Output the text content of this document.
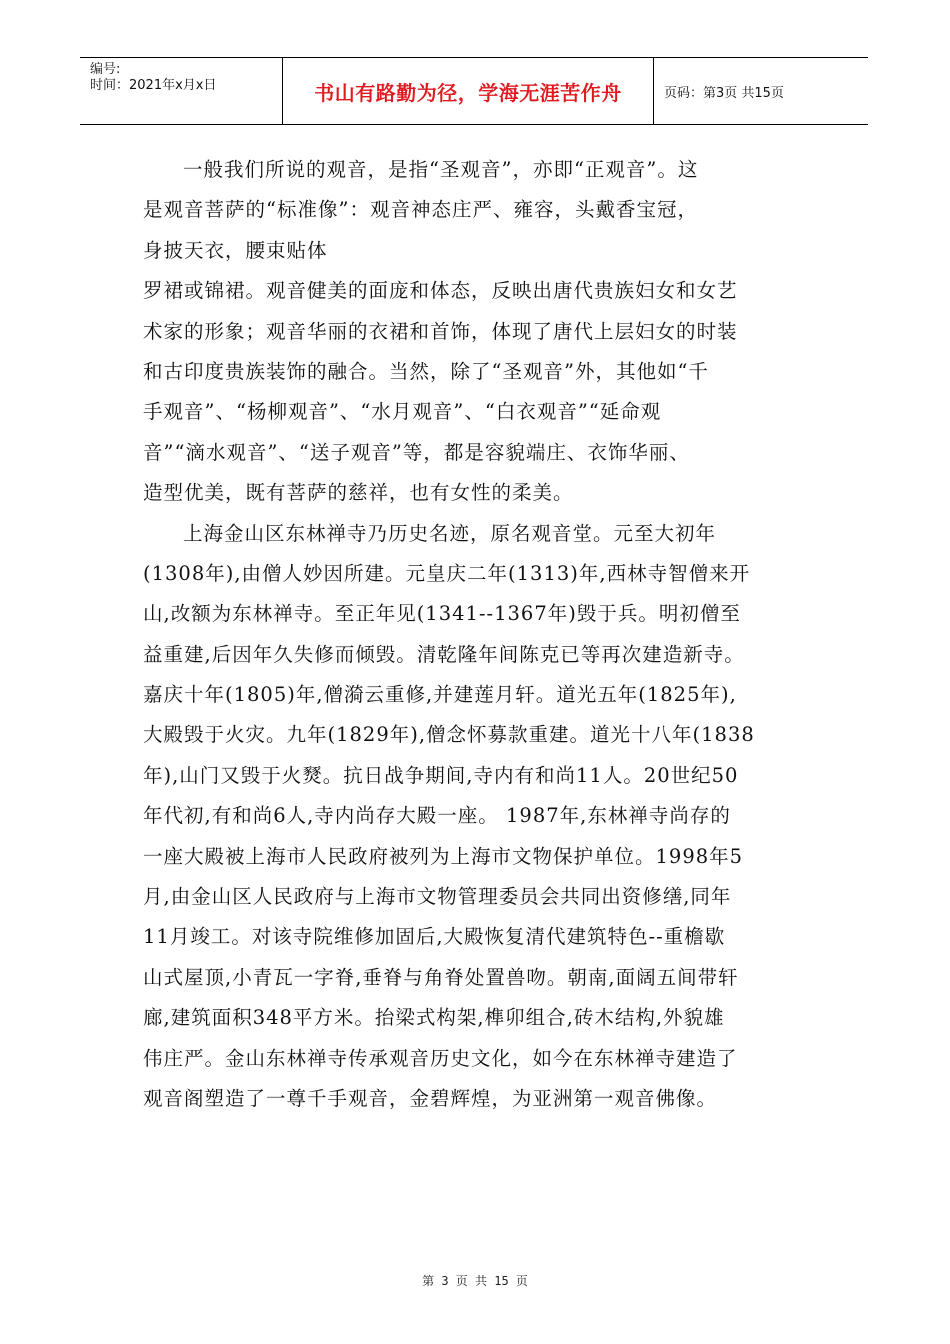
编号:
时间：2021年x月x日	书山有路勤为径，学海无涯苦作舟	页码：第3页 共15页
一般我们所说的观音，是指“圣观音”，亦即“正观音”。这
是观音菩萨的“标准像”：观音神态庄严、雍容，头戴香宝冠，
身披天衣，腰束贴体
罗裙或锦裙。观音健美的面庞和体态，反映出唐代贵族妇女和女艺
术家的形象；观音华丽的衣裙和首饰，体现了唐代上层妇女的时装
和古印度贵族装饰的融合。当然，除了“圣观音”外，其他如“千
手观音”、“杨柳观音”、“水月观音”、“白衣观音”“延命观
音”“滴水观音”、“送子观音”等，都是容貌端庄、衣饰华丽、
造型优美，既有菩萨的慈祥，也有女性的柔美。
上海金山区东林禅寺乃历史名迹，原名观音堂。元至大初年
(1308年),由僧人妙因所建。元皇庆二年(1313)年,西林寺智僧来开
山,改额为东林禅寺。至正年见(1341--1367年)毁于兵。明初僧至
益重建,后因年久失修而倾毁。清乾隆年间陈克已等再次建造新寺。
嘉庆十年(1805)年,僧漪云重修,并建莲月轩。道光五年(1825年),
大殿毁于火灾。九年(1829年),僧念怀募款重建。道光十八年(1838
年),山门又毁于火燹。抗日战争期间,寺内有和尚11人。20世纪50
年代初,有和尚6人,寺内尚存大殿一座。 1987年,东林禅寺尚存的
一座大殿被上海市人民政府被列为上海市文物保护单位。1998年5
月,由金山区人民政府与上海市文物管理委员会共同出资修缮,同年
11月竣工。对该寺院维修加固后,大殿恢复清代建筑特色--重檐歇
山式屋顶,小青瓦一字脊,垂脊与角脊处置兽吻。朝南,面阔五间带轩
廊,建筑面积348平方米。抬梁式构架,榫卯组合,砖木结构,外貌雄
伟庄严。金山东林禅寺传承观音历史文化，如今在东林禅寺建造了
观音阁塑造了一尊千手观音，金碧辉煌，为亚洲第一观音佛像。
第 3 页 共 15 页
